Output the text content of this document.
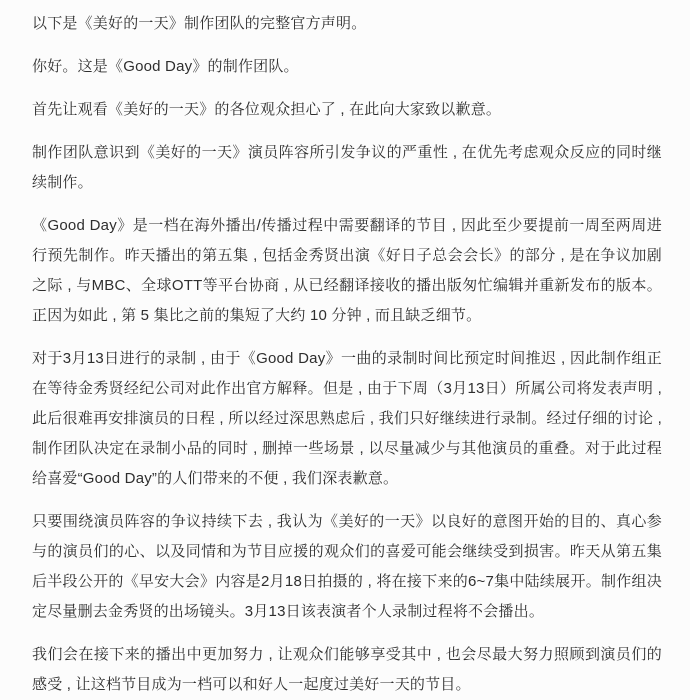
以下是《美好的一天》制作团队的完整官方声明。

你好。这是《Good Day》的制作团队。

首先让观看《美好的一天》的各位观众担心了 , 在此向大家致以歉意。

制作团队意识到《美好的一天》演员阵容所引发争议的严重性 , 在优先考虑观众反应的同时继续制作。

《Good Day》是一档在海外播出/传播过程中需要翻译的节目 , 因此至少要提前一周至两周进行预先制作。昨天播出的第五集 , 包括金秀贤出演《好日子总会会长》的部分 , 是在争议加剧之际 , 与MBC、全球OTT等平台协商 , 从已经翻译接收的播出版匆忙编辑并重新发布的版本。正因为如此 , 第 5 集比之前的集短了大约 10 分钟 , 而且缺乏细节。

对于3月13日进行的录制 , 由于《Good Day》一曲的录制时间比预定时间推迟 , 因此制作组正在等待金秀贤经纪公司对此作出官方解释。但是 , 由于下周（3月13日）所属公司将发表声明 , 此后很难再安排演员的日程 , 所以经过深思熟虑后 , 我们只好继续进行录制。经过仔细的讨论 , 制作团队决定在录制小品的同时 , 删掉一些场景 , 以尽量减少与其他演员的重叠。对于此过程给喜爱“Good Day”的人们带来的不便 , 我们深表歉意。

只要围绕演员阵容的争议持续下去 , 我认为《美好的一天》以良好的意图开始的目的、真心参与的演员们的心、以及同情和为节目应援的观众们的喜爱可能会继续受到损害。昨天从第五集后半段公开的《早安大会》内容是2月18日拍摄的 , 将在接下来的6~7集中陆续展开。制作组决定尽量删去金秀贤的出场镜头。3月13日该表演者个人录制过程将不会播出。

我们会在接下来的播出中更加努力 , 让观众们能够享受其中 , 也会尽最大努力照顾到演员们的感受 , 让这档节目成为一档可以和好人一起度过美好一天的节目。
